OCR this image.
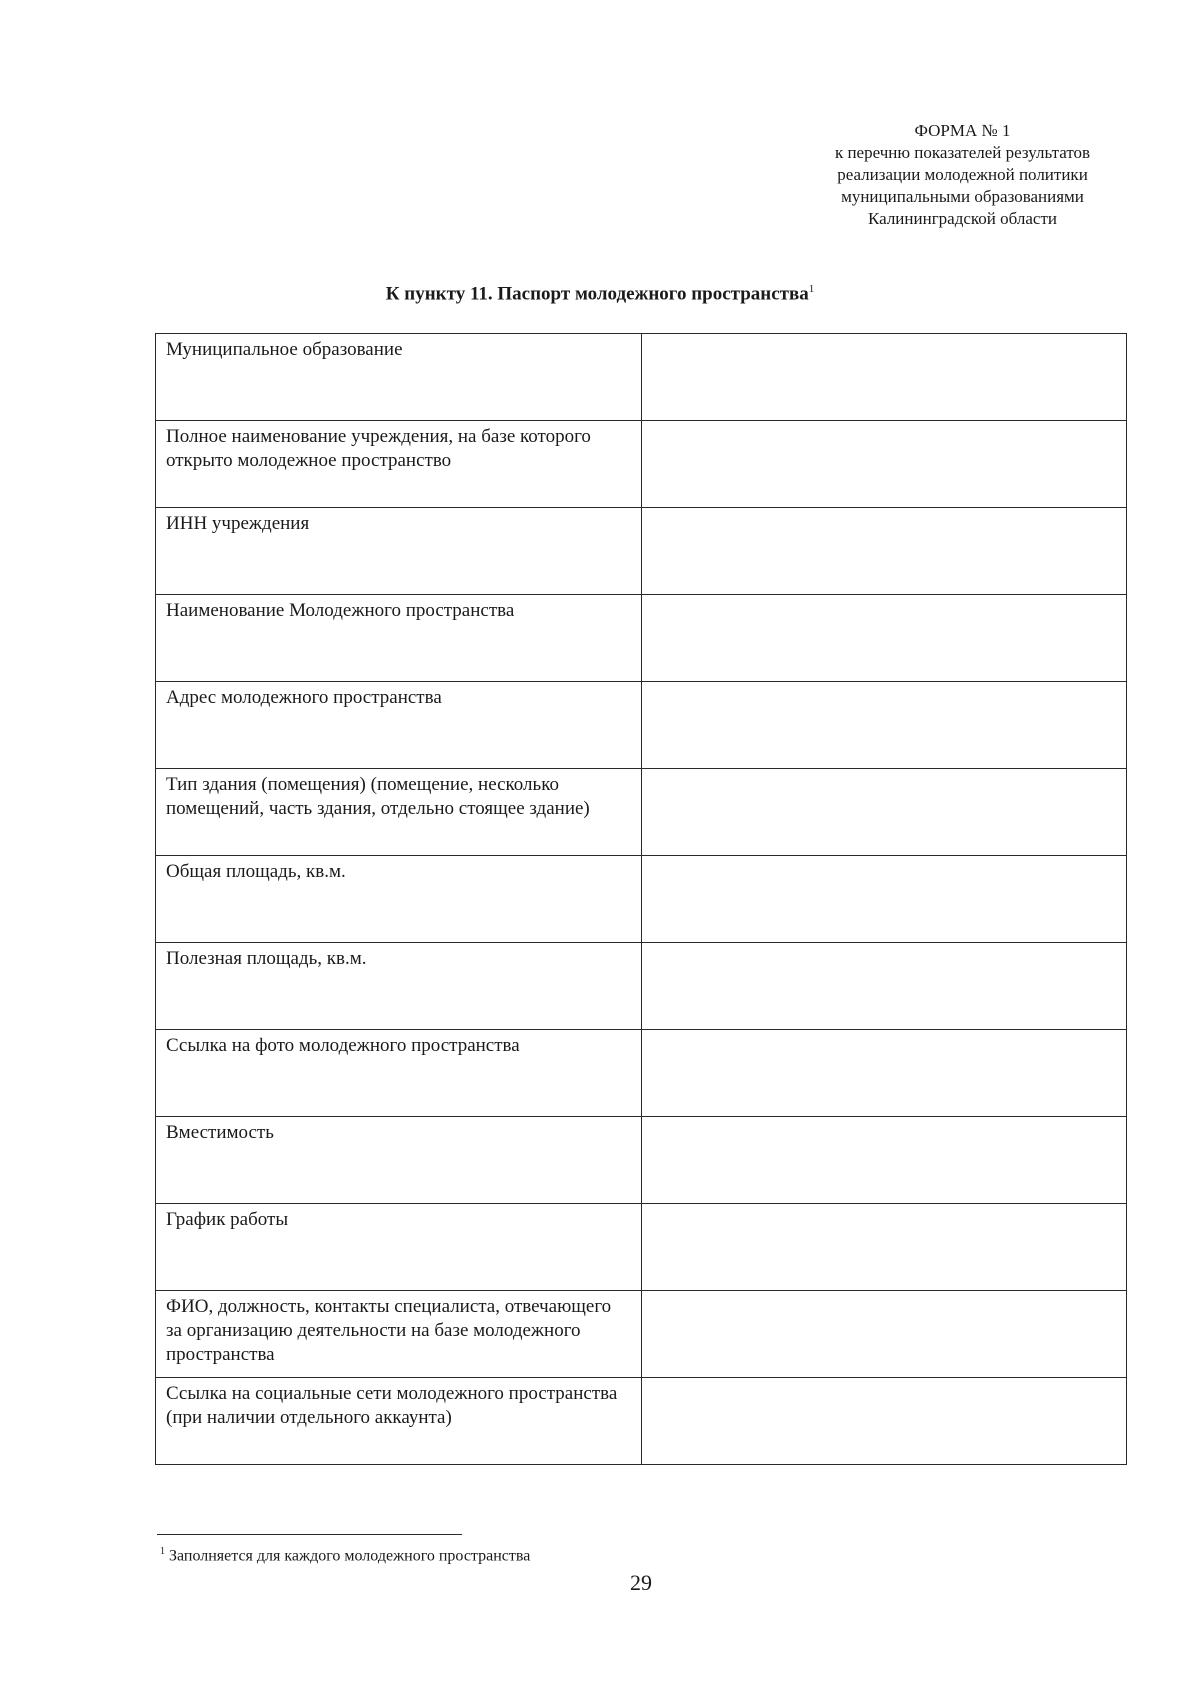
ФОРМА № 1
к перечню показателей результатов
реализации молодежной политики
муниципальными образованиями
Калининградской области
К пункту 11. Паспорт молодежного пространства$^1$
Муниципальное образование	
Полное наименование учреждения, на базе которого открыто молодежное пространство	
ИНН учреждения	
Наименование Молодежного пространства	
Адрес молодежного пространства	
Тип здания (помещения) (помещение, несколько помещений, часть здания, отдельно стоящее здание)	
Общая площадь, кв.м.	
Полезная площадь, кв.м.	
Ссылка на фото молодежного пространства	
Вместимость	
График работы	
ФИО, должность, контакты специалиста, отвечающего за организацию деятельности на базе молодежного пространства	
Ссылка на социальные сети молодежного пространства (при наличии отдельного аккаунта)	
$^1$ Заполняется для каждого молодежного пространства
29
